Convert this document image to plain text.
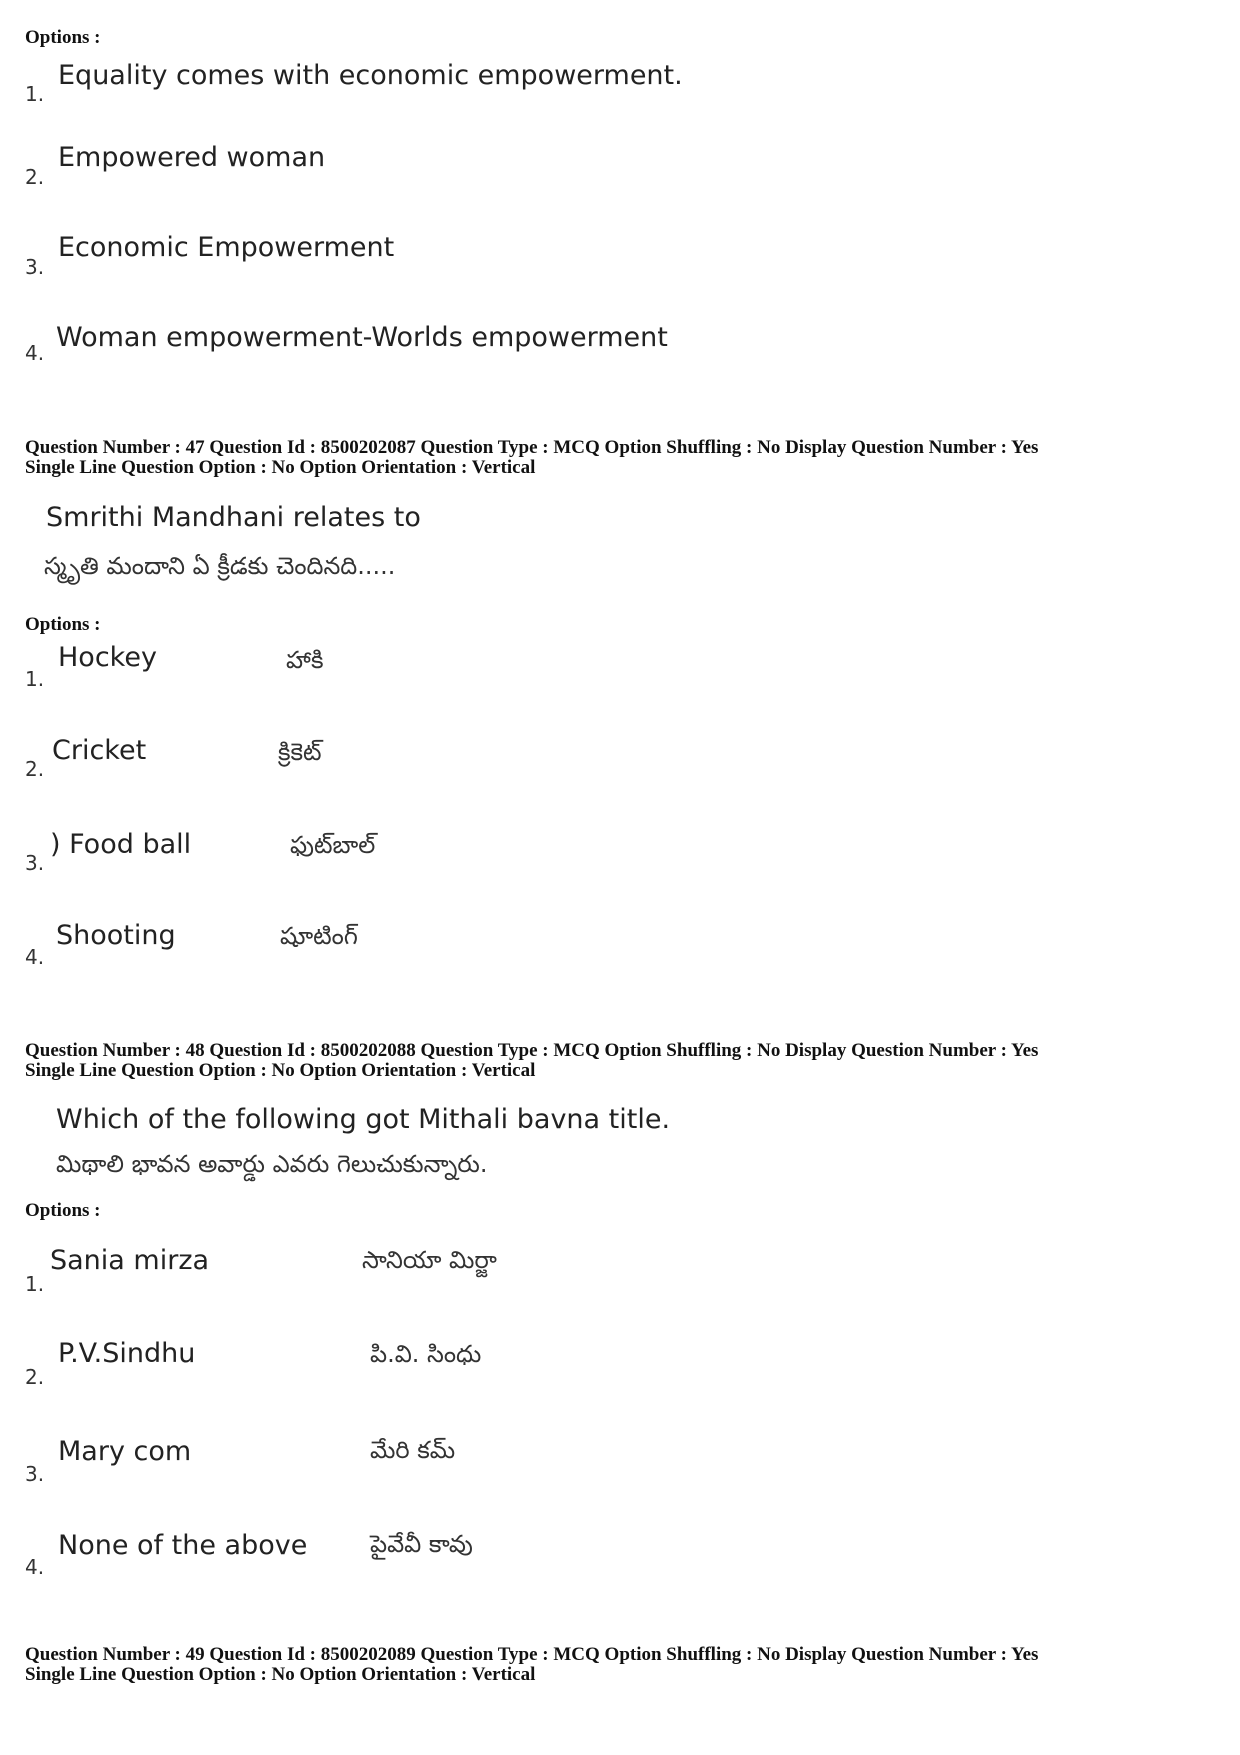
Options :
1.
Equality comes with economic empowerment.
2.
Empowered woman
3.
Economic Empowerment
4. Woman empowerment-Worlds empowerment
Question Number : 47 Question Id : 8500202087 Question Type : MCQ Option Shuffling : No Display Question Number : Yes
Single Line Question Option : No Option Orientation : Vertical
Smrithi Mandhani relates to
స్మృతి మందాని ఏ క్రీడకు చెందినది.....
Options :
1.
Hockey	హాకి
2.
Cricket	క్రికెట్
3.
) Food ball	ఫుట్‌బాల్
4.
Shooting	షూటింగ్
Question Number : 48 Question Id : 8500202088 Question Type : MCQ Option Shuffling : No Display Question Number : Yes
Single Line Question Option : No Option Orientation : Vertical
Which of the following got Mithali bavna title.
మిథాలి భావన అవార్డు ఎవరు గెలుచుకున్నారు.
Options :
1.
Sania mirza	సానియా మిర్జా
2.
P.V.Sindhu	పి.వి. సింధు
3.
Mary com	మేరి కమ్
4.
None of the above	పైవేవీ కావు
Question Number : 49 Question Id : 8500202089 Question Type : MCQ Option Shuffling : No Display Question Number : Yes
Single Line Question Option : No Option Orientation : Vertical
